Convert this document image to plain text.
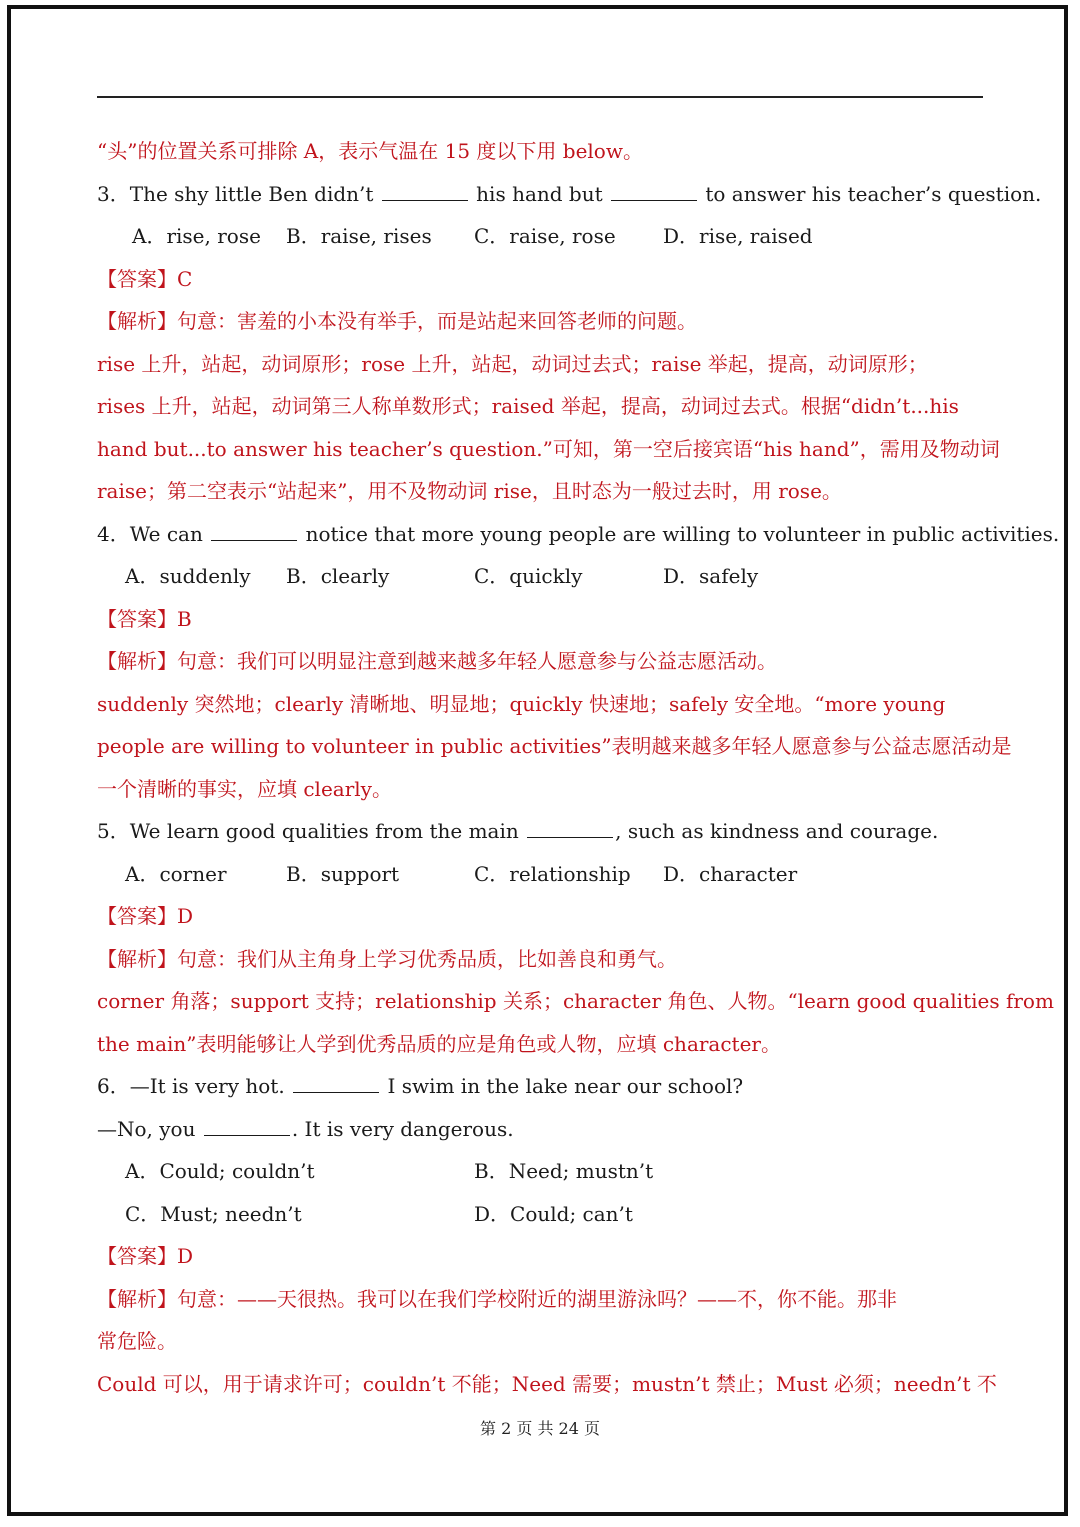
“头”的位置关系可排除 A，表示气温在 15 度以下用 below。
3．The shy little Ben didn’t	his hand but	to answer his teacher’s question.
A．rise, rose B．raise, rises C．raise, rose D．rise, raised
【答案】C
【解析】句意：害羞的小本没有举手，而是站起来回答老师的问题。
rise 上升，站起，动词原形；rose 上升，站起，动词过去式；raise 举起，提高，动词原形；
rises 上升，站起，动词第三人称单数形式；raised 举起，提高，动词过去式。根据“didn’t...his
hand but...to answer his teacher’s question.”可知，第一空后接宾语“his hand”，需用及物动词
raise；第二空表示“站起来”，用不及物动词 rise，且时态为一般过去时，用 rose。
4．We can	notice that more young people are willing to volunteer in public activities.
A．suddenly B．clearly	C．quickly	D．safely
【答案】B
【解析】句意：我们可以明显注意到越来越多年轻人愿意参与公益志愿活动。
suddenly 突然地；clearly 清晰地、明显地；quickly 快速地；safely 安全地。“more young
people are willing to volunteer in public activities”表明越来越多年轻人愿意参与公益志愿活动是
一个清晰的事实，应填 clearly。
5．We learn good qualities from the main	, such as kindness and courage.
A．corner	B．support	C．relationship D．character
【答案】D
【解析】句意：我们从主角身上学习优秀品质，比如善良和勇气。
corner 角落；support 支持；relationship 关系；character 角色、人物。“learn good qualities from
the main”表明能够让人学到优秀品质的应是角色或人物，应填 character。
6．—It is very hot.	I swim in the lake near our school?
—No, you	. It is very dangerous.
A．Could; couldn’t	B．Need; mustn’t
C．Must; needn’t	D．Could; can’t
【答案】D
【解析】句意：——天很热。我可以在我们学校附近的湖里游泳吗？——不，你不能。那非
常危险。
Could 可以，用于请求许可；couldn’t 不能；Need 需要；mustn’t 禁止；Must 必须；needn’t 不
第 2 页 共 24 页
